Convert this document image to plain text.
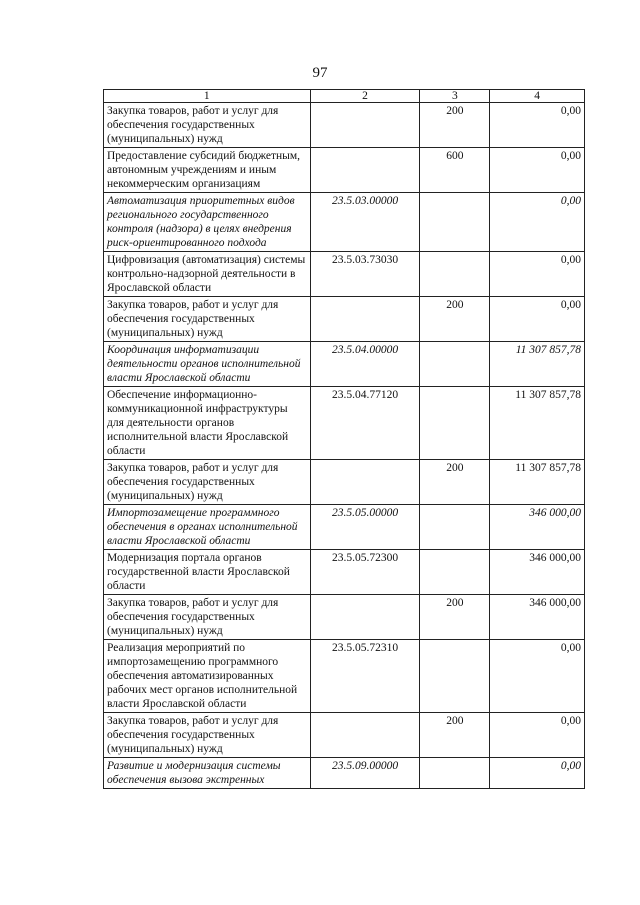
97
1	2	3	4
Закупка товаров, работ и услуг для обеспечения государственных (муниципальных) нужд		200	0,00
Предоставление субсидий бюджетным, автономным учреждениям и иным некоммерческим организациям		600	0,00
Автоматизация приоритетных видов регионального государственного контроля (надзора) в целях внедрения риск-ориентированного подхода	23.5.03.00000		0,00
Цифровизация (автоматизация) системы контрольно-надзорной деятельности в Ярославской области	23.5.03.73030		0,00
Закупка товаров, работ и услуг для обеспечения государственных (муниципальных) нужд		200	0,00
Координация информатизации деятельности органов исполнительной власти Ярославской области	23.5.04.00000		11 307 857,78
Обеспечение информационно-коммуникационной инфраструктуры для деятельности органов исполнительной власти Ярославской области	23.5.04.77120		11 307 857,78
Закупка товаров, работ и услуг для обеспечения государственных (муниципальных) нужд		200	11 307 857,78
Импортозамещение программного обеспечения в органах исполнительной власти Ярославской области	23.5.05.00000		346 000,00
Модернизация портала органов государственной власти Ярославской области	23.5.05.72300		346 000,00
Закупка товаров, работ и услуг для обеспечения государственных (муниципальных) нужд		200	346 000,00
Реализация мероприятий по импортозамещению программного обеспечения автоматизированных рабочих мест органов исполнительной власти Ярославской области	23.5.05.72310		0,00
Закупка товаров, работ и услуг для обеспечения государственных (муниципальных) нужд		200	0,00
Развитие и модернизация системы обеспечения вызова экстренных	23.5.09.00000		0,00
